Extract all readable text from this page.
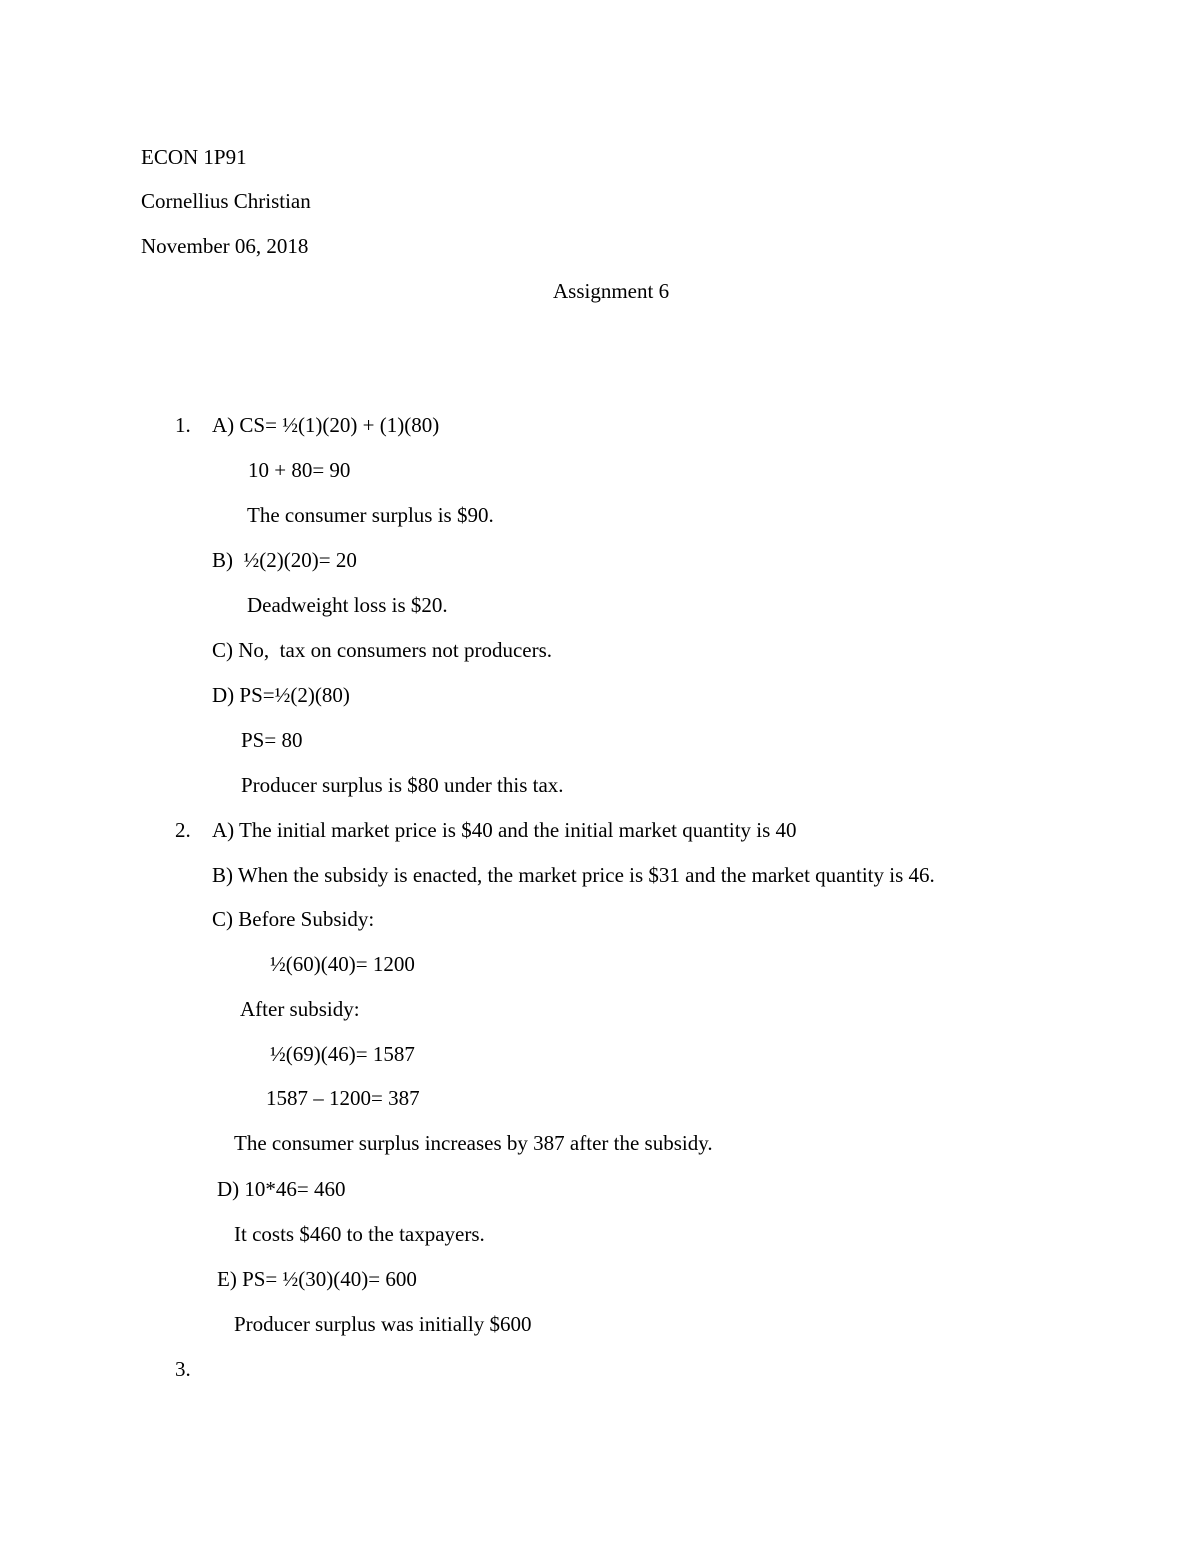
ECON 1P91
Cornellius Christian
November 06, 2018
Assignment 6
1. A) CS= ½(1)(20) + (1)(80)
10 + 80= 90
The consumer surplus is $90.
B)  ½(2)(20)= 20
Deadweight loss is $20.
C) No,  tax on consumers not producers.
D) PS=½(2)(80)
PS= 80
Producer surplus is $80 under this tax.
2. A) The initial market price is $40 and the initial market quantity is 40
B) When the subsidy is enacted, the market price is $31 and the market quantity is 46.
C) Before Subsidy:
½(60)(40)= 1200
After subsidy:
½(69)(46)= 1587
1587 – 1200= 387
The consumer surplus increases by 387 after the subsidy.
D) 10*46= 460
It costs $460 to the taxpayers.
E) PS= ½(30)(40)= 600
Producer surplus was initially $600
3.
